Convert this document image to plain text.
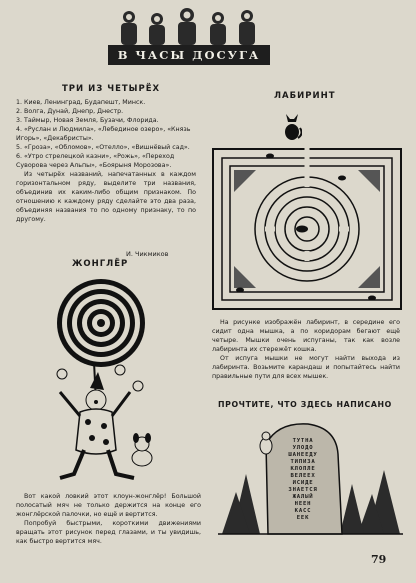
В ЧАСЫ ДОСУГА
ТРИ ИЗ ЧЕТЫРЁХ

1. Киев, Ленинград, Будапешт, Минск.

2. Волга, Дунай, Днепр, Днестр.

3. Таймыр, Новая Земля, Бузачи, Флорида.

4. «Руслан и Людмила», «Лебединое озеро», «Князь Игорь», «Декабристы».

5. «Гроза», «Обломов», «Отелло», «Вишнёвый сад».

6. «Утро стрелецкой казни», «Рожь», «Переход Суворова через Альпы», «Боярыня Морозова».

Из четырёх названий, напечатанных в каждом горизонтальном ряду, выделите три названия, объединив их каким-либо общим признаком. По отношению к каждому ряду сделайте это два раза, объединяя названия то по одному признаку, то по другому.

И. Чикмиков
ЖОНГЛЁР

Вот какой ловкий этот клоун-жонглёр! Большой полосатый мяч не только держится на конце его жонглёрской палочки, но ещё и вертится.

Попробуй быстрыми, короткими движениями вращать этот рисунок перед глазами, и ты увидишь, как быстро вертится мяч.

ЛАБИРИНТ

На рисунке изображён лабиринт, в середине его сидит одна мышка, а по коридорам бегают ещё четыре. Мышки очень испуганы, так как возле лабиринта их стережёт кошка.

От испуга мышки не могут найти выхода из лабиринта. Возьмите карандаш и попытайтесь найти правильные пути для всех мышек.

ПРОЧТИТЕ, ЧТО ЗДЕСЬ НАПИСАНО
ТУТНА
УЛОДО
ШАНЕЕДУ
ТИПИЗА
КЛОПЛЕ
ВЕЛЕЕХ
ИСИДЕ
ЗНАЕТСЯ
ЖАЛЫЙ
НЕЕН
КАСС
ЕЕК
79
